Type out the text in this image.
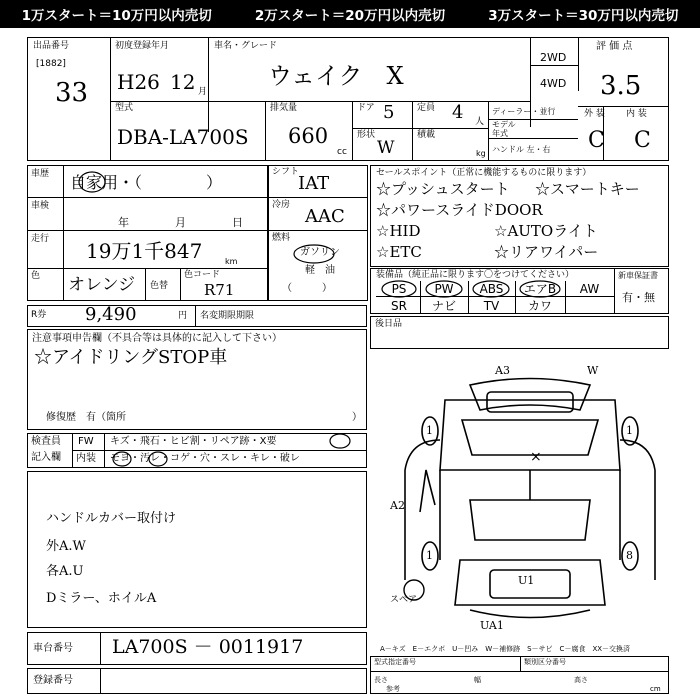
1万スタート＝10万円以内売切	2万スタート＝20万円以内売切	3万スタート＝30万円以内売切
出品番号
[1882]
33
初度登録年月
H26 12 月
車名・グレード
ウェイク　X
2WD
4WD
評 価 点
3.5
型式
DBA-LA700S
排気量
660
cc
ドア 5	定員 4 人
形状
W
積載
kg
ディーラー・並行
モデル
年式
ハンドル 左・右
外 装
C
内 装
C
車歴 自家用・（　　　　）
車検
年	月	日
走行 19万1千847	km
色 オレンジ 色替
色コード
R71
シフト
IAT
冷房
AAC
燃料
ガソリン
軽　油
（　　　）
セールスポイント（正常に機能するものに限ります）
☆プッシュスタート ☆スマートキー
☆パワースライドDOOR
☆HID	☆AUTOライト
☆ETC	☆リアワイパー
装備品（純正品に限ります〇をつけてください）
PS	PW	ABS	エアB	AW
SR	ナビ	TV	カワ
新車保証書
有・無
R券 9,490	円 名変期限期限
注意事項申告欄（不具合等は具体的に記入して下さい）
☆アイドリングSTOP車
修復歴　有（箇所	）
検査員
記入欄
FW
内装
キズ・飛石・ヒビ割・リペア跡・X要
モヨ・汚レ・コゲ・穴・スレ・キレ・破レ
ハンドルカバー取付け
外A.W
各A.U
Dミラー、ホイルA
後日品
A3	W
1	1
A2
×
1	8
U1
UA1
スペア
車台番号 LA700S － 0011917
登録番号
A－キズ　E－エクボ　U－凹み　W－補修跡　S－サビ　C－腐食　XX－交換済
型式指定番号	類別区分番号
長さ	幅	高さ
参考	cm
